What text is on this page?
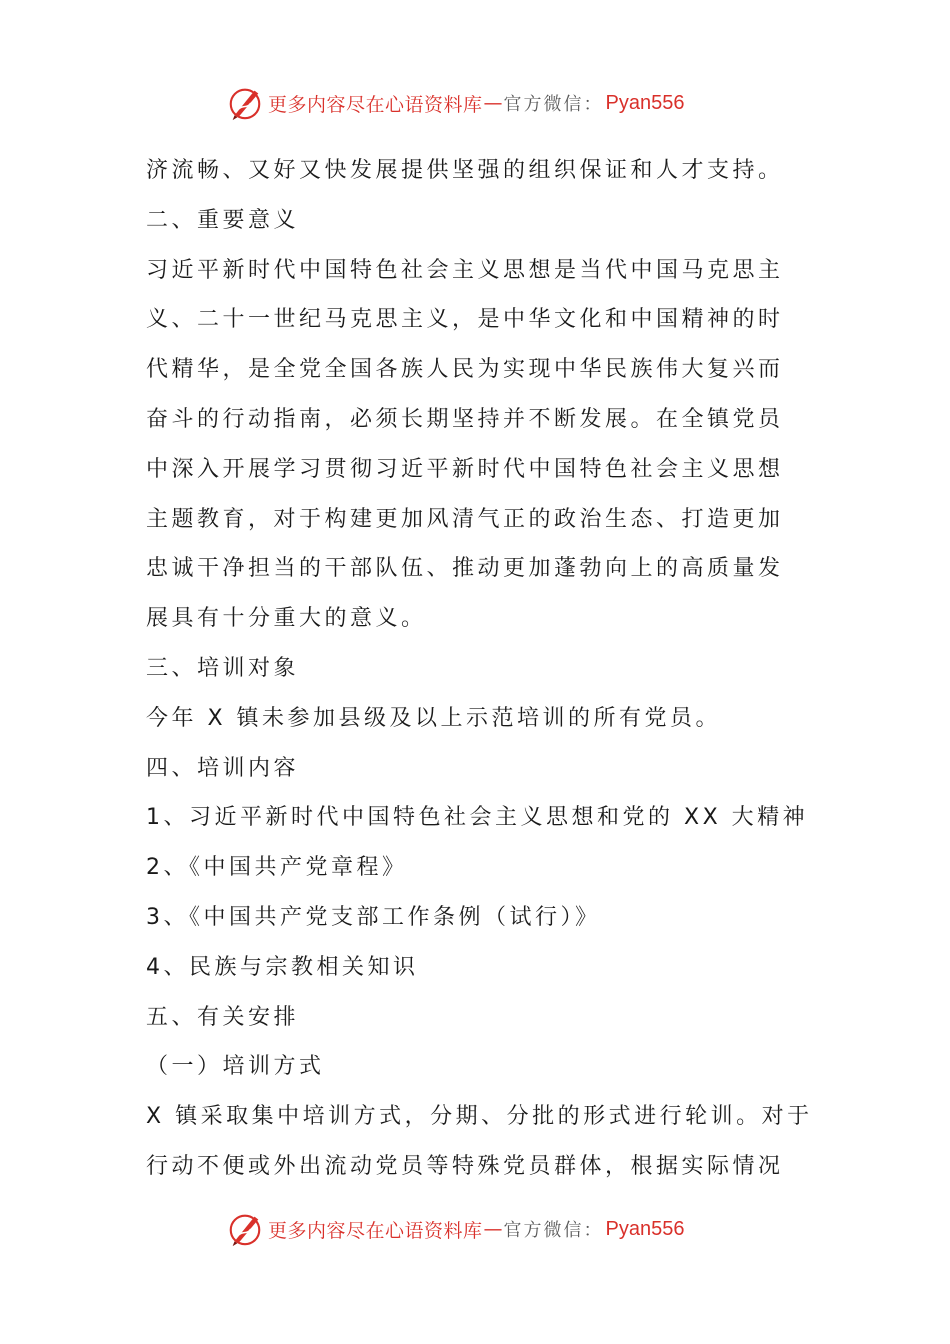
更多内容尽在心语资料库 — 官方微信： Pyan556
济流畅、又好又快发展提供坚强的组织保证和人才支持。
二、重要意义
习近平新时代中国特色社会主义思想是当代中国马克思主
义、二十一世纪马克思主义，是中华文化和中国精神的时
代精华，是全党全国各族人民为实现中华民族伟大复兴而
奋斗的行动指南，必须长期坚持并不断发展。在全镇党员
中深入开展学习贯彻习近平新时代中国特色社会主义思想
主题教育，对于构建更加风清气正的政治生态、打造更加
忠诚干净担当的干部队伍、推动更加蓬勃向上的高质量发
展具有十分重大的意义。
三、培训对象
今年 X 镇未参加县级及以上示范培训的所有党员。
四、培训内容
1、习近平新时代中国特色社会主义思想和党的 XX 大精神
2、《中国共产党章程》
3、《中国共产党支部工作条例（试行）》
4、民族与宗教相关知识
五、有关安排
（一）培训方式
X 镇采取集中培训方式，分期、分批的形式进行轮训。对于
行动不便或外出流动党员等特殊党员群体，根据实际情况
更多内容尽在心语资料库 — 官方微信： Pyan556
